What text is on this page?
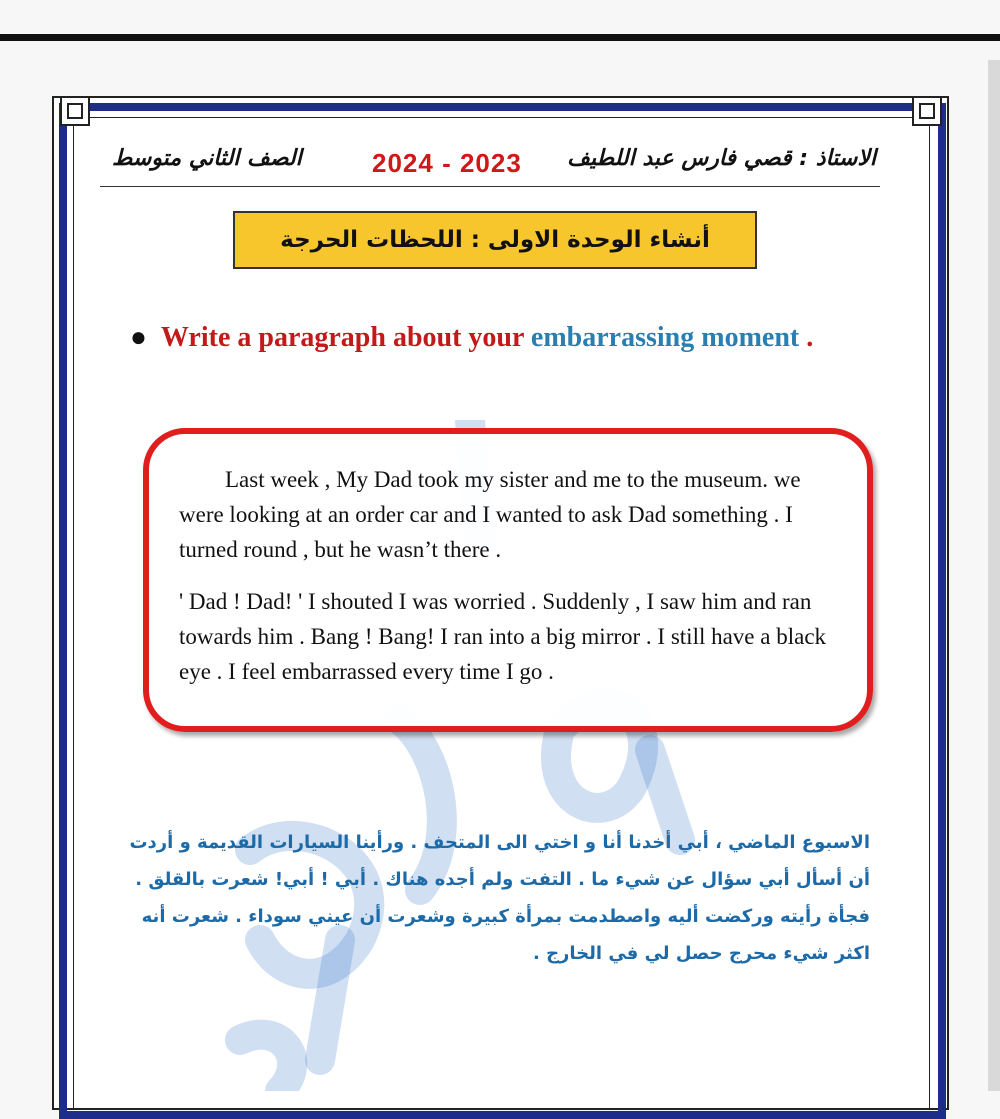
الصف الثاني متوسط	2024 - 2023 الاستاذ : قصي فارس عبد اللطيف
أنشاء الوحدة الاولى : اللحظات الحرجة
● Write a paragraph about your embarrassing moment .

Last week , My Dad took my sister and me to the museum. we were looking at an order car and I wanted to ask Dad something . I turned round , but he wasn’t there .

' Dad ! Dad! ' I shouted I was worried . Suddenly , I saw him and ran towards him . Bang ! Bang! I ran into a big mirror . I still have a black eye . I feel embarrassed every time I go .

الاسبوع الماضي ، أبي أخدنا أنا و اختي الى المتحف . ورأينا السيارات القديمة و أردت أن أسأل أبي سؤال عن شيء ما . التفت ولم أجده هناك . أبي ! أبي! شعرت بالقلق . فجأة رأيته وركضت أليه واصطدمت بمرأة كبيرة وشعرت أن عيني سوداء . شعرت أنه اكثر شيء محرج حصل لي في الخارج .
